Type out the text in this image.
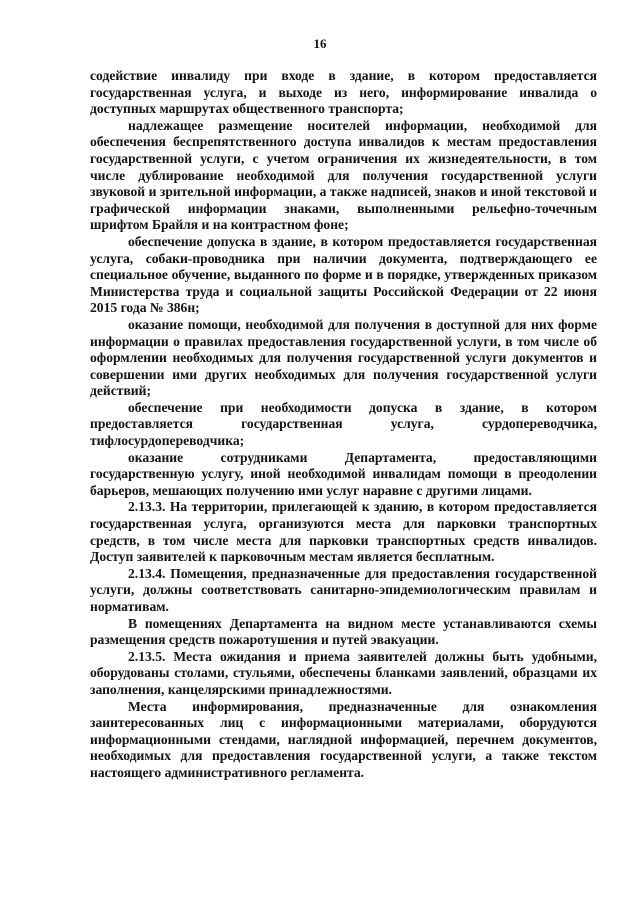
16

содействие инвалиду при входе в здание, в котором предоставляется государственная услуга, и выходе из него, информирование инвалида о доступных маршрутах общественного транспорта;

надлежащее размещение носителей информации, необходимой для обеспечения беспрепятственного доступа инвалидов к местам предоставления государственной услуги, с учетом ограничения их жизнедеятельности, в том числе дублирование необходимой для получения государственной услуги звуковой и зрительной информации, а также надписей, знаков и иной текстовой и графической информации знаками, выполненными рельефно-точечным шрифтом Брайля и на контрастном фоне;

обеспечение допуска в здание, в котором предоставляется государственная услуга, собаки-проводника при наличии документа, подтверждающего ее специальное обучение, выданного по форме и в порядке, утвержденных приказом Министерства труда и социальной защиты Российской Федерации от 22 июня 2015 года № 386н;

оказание помощи, необходимой для получения в доступной для них форме информации о правилах предоставления государственной услуги, в том числе об оформлении необходимых для получения государственной услуги документов и совершении ими других необходимых для получения государственной услуги действий;

обеспечение при необходимости допуска в здание, в котором предоставляется государственная услуга, сурдопереводчика, тифлосурдопереводчика;

оказание сотрудниками Департамента, предоставляющими государственную услугу, иной необходимой инвалидам помощи в преодолении барьеров, мешающих получению ими услуг наравне с другими лицами.

2.13.3. На территории, прилегающей к зданию, в котором предоставляется государственная услуга, организуются места для парковки транспортных средств, в том числе места для парковки транспортных средств инвалидов. Доступ заявителей к парковочным местам является бесплатным.

2.13.4. Помещения, предназначенные для предоставления государственной услуги, должны соответствовать санитарно-эпидемиологическим правилам и нормативам.

В помещениях Департамента на видном месте устанавливаются схемы размещения средств пожаротушения и путей эвакуации.

2.13.5. Места ожидания и приема заявителей должны быть удобными, оборудованы столами, стульями, обеспечены бланками заявлений, образцами их заполнения, канцелярскими принадлежностями.

Места информирования, предназначенные для ознакомления заинтересованных лиц с информационными материалами, оборудуются информационными стендами, наглядной информацией, перечнем документов, необходимых для предоставления государственной услуги, а также текстом настоящего административного регламента.
